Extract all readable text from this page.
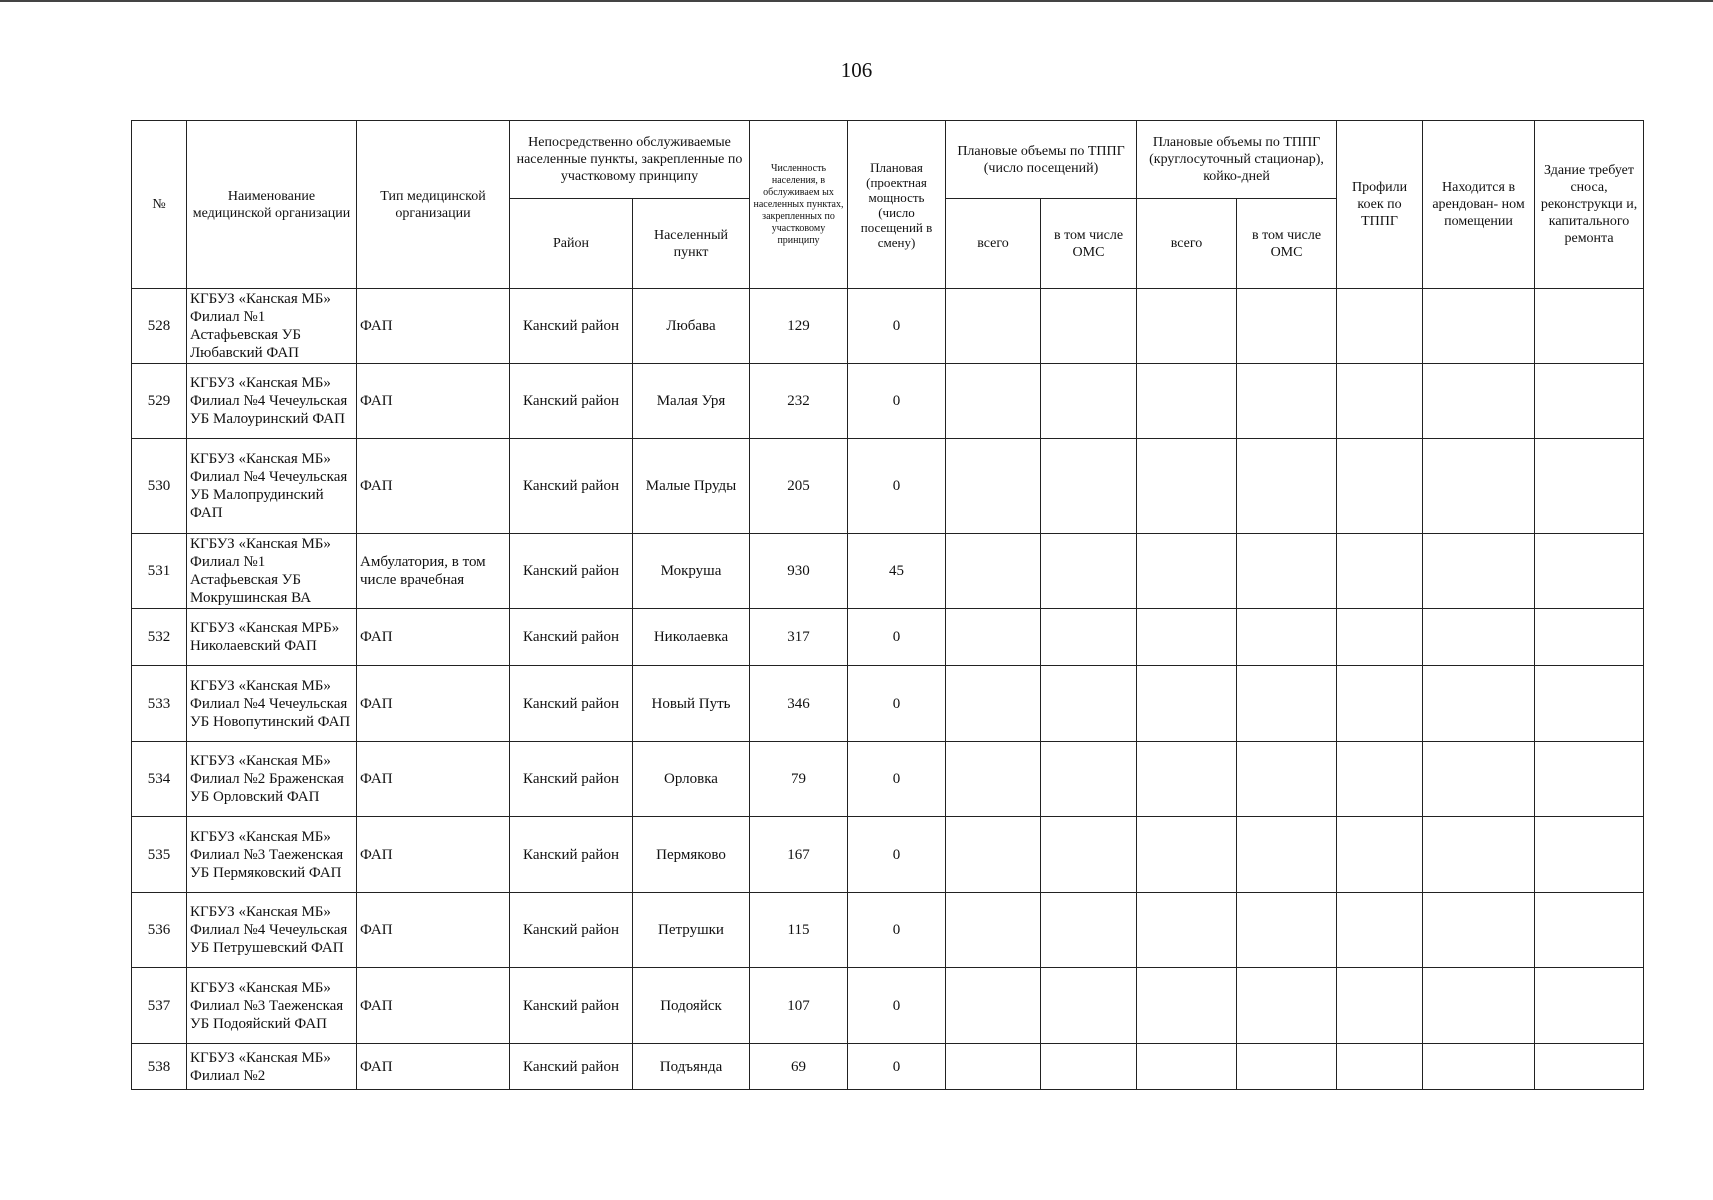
106
№	Наименование медицинской организации	Тип медицинской организации	Непосредственно обслуживаемые населенные пункты, закрепленные по участковому принципу		Численность населения, в обслуживаем ых населенных пунктах, закрепленных по участковому принципу	Плановая (проектная мощность (число посещений в смену)	Плановые объемы по ТППГ (число посещений)		Плановые объемы по ТППГ (круглосуточный стационар), койко-дней		Профили коек по ТППГ	Находится в арендован- ном помещении	Здание требует сноса, реконструкци и, капитального ремонта
			Район	Населенный пункт			всего	в том числе ОМС	всего	в том числе ОМС			
528	КГБУЗ «Канская МБ» Филиал №1 Астафьевская УБ Любавский ФАП	ФАП	Канский район	Любава	129	0							
529	КГБУЗ «Канская МБ» Филиал №4 Чечеульская УБ Малоуринский ФАП	ФАП	Канский район	Малая Уря	232	0							
530	КГБУЗ «Канская МБ» Филиал №4 Чечеульская УБ Малопрудинский ФАП	ФАП	Канский район	Малые Пруды	205	0							
531	КГБУЗ «Канская МБ» Филиал №1 Астафьевская УБ Мокрушинская ВА	Амбулатория, в том числе врачебная	Канский район	Мокруша	930	45							
532	КГБУЗ «Канская МРБ» Николаевский ФАП	ФАП	Канский район	Николаевка	317	0							
533	КГБУЗ «Канская МБ» Филиал №4 Чечеульская УБ Новопутинский ФАП	ФАП	Канский район	Новый Путь	346	0							
534	КГБУЗ «Канская МБ» Филиал №2 Браженская УБ Орловский ФАП	ФАП	Канский район	Орловка	79	0							
535	КГБУЗ «Канская МБ» Филиал №3 Таеженская УБ Пермяковский ФАП	ФАП	Канский район	Пермяково	167	0							
536	КГБУЗ «Канская МБ» Филиал №4 Чечеульская УБ Петрушевский ФАП	ФАП	Канский район	Петрушки	115	0							
537	КГБУЗ «Канская МБ» Филиал №3 Таеженская УБ Подояйский ФАП	ФАП	Канский район	Подояйск	107	0							
538	КГБУЗ «Канская МБ» Филиал №2	ФАП	Канский район	Подъянда	69	0							
